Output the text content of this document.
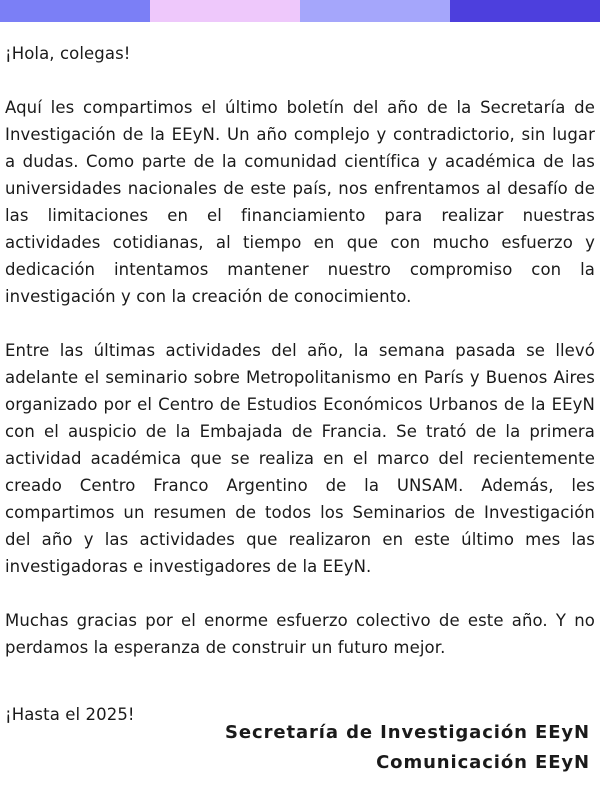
¡Hola, colegas!

Aquí les compartimos el último boletín del año de la Secretaría de Investigación de la EEyN. Un año complejo y contradictorio, sin lugar a dudas. Como parte de la comunidad científica y académica de las universidades nacionales de este país, nos enfrentamos al desafío de las limitaciones en el financiamiento para realizar nuestras actividades cotidianas, al tiempo en que con mucho esfuerzo y dedicación intentamos mantener nuestro compromiso con la investigación y con la creación de conocimiento.

Entre las últimas actividades del año, la semana pasada se llevó adelante el seminario sobre Metropolitanismo en París y Buenos Aires organizado por el Centro de Estudios Económicos Urbanos de la EEyN con el auspicio de la Embajada de Francia. Se trató de la primera actividad académica que se realiza en el marco del recientemente creado Centro Franco Argentino de la UNSAM. Además, les compartimos un resumen de todos los Seminarios de Investigación del año y las actividades que realizaron en este último mes las investigadoras e investigadores de la EEyN.

Muchas gracias por el enorme esfuerzo colectivo de este año. Y no perdamos la esperanza de construir un futuro mejor.

¡Hasta el 2025!

Secretaría de Investigación EEyN
Comunicación EEyN
